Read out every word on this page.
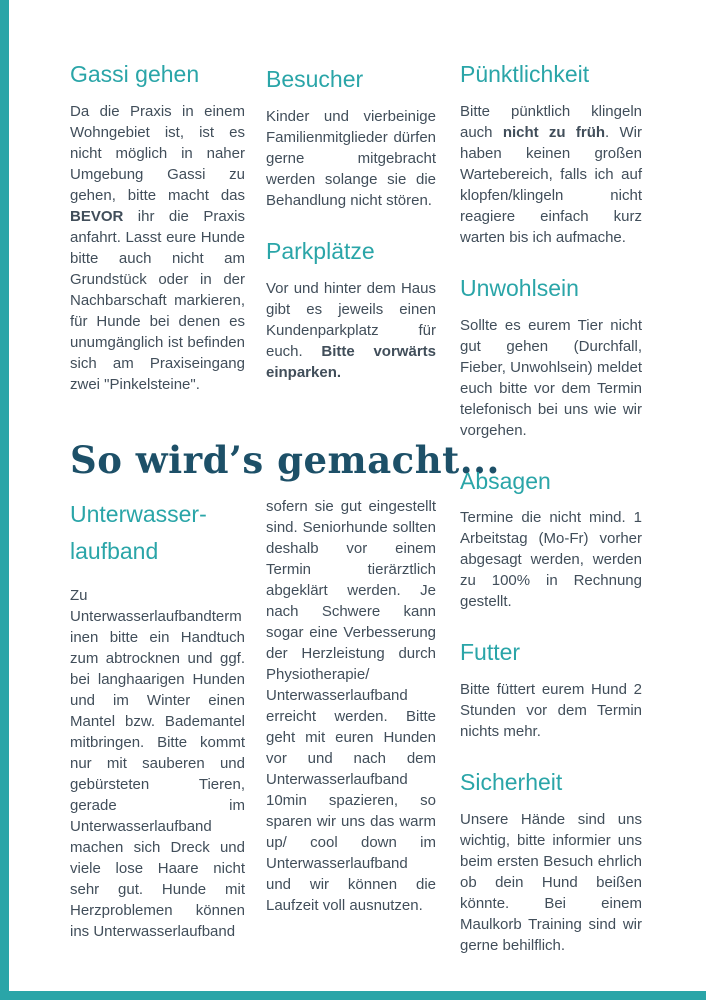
Gassi gehen

Da die Praxis in einem Wohngebiet ist, ist es nicht möglich in naher Umgebung Gassi zu gehen, bitte macht das BEVOR ihr die Praxis anfahrt. Lasst eure Hunde bitte auch nicht am Grundstück oder in der Nachbarschaft markieren, für Hunde bei denen es unumgänglich ist befinden sich am Praxiseingang zwei "Pinkelsteine".

Besucher

Kinder und vierbeinige Familienmitglieder dürfen gerne mitgebracht werden solange sie die Behandlung nicht stören.

Parkplätze

Vor und hinter dem Haus gibt es jeweils einen Kundenparkplatz für euch. Bitte vorwärts einparken.

So wird’s gemacht...
Unterwasser-
laufband

Zu Unterwasserlaufbandterminen bitte ein Handtuch zum abtrocknen und ggf. bei langhaarigen Hunden und im Winter einen Mantel bzw. Bademantel mitbringen. Bitte kommt nur mit sauberen und gebürsteten Tieren, gerade im Unterwasserlaufband machen sich Dreck und viele lose Haare nicht sehr gut. Hunde mit Herzproblemen können ins Unterwasserlaufband

sofern sie gut eingestellt sind. Seniorhunde sollten deshalb vor einem Termin tierärztlich abgeklärt werden. Je nach Schwere kann sogar eine Verbesserung der Herzleistung durch Physiotherapie/ Unterwasserlaufband erreicht werden. Bitte geht mit euren Hunden vor und nach dem Unterwasserlaufband 10min spazieren, so sparen wir uns das warm up/ cool down im Unterwasserlaufband und wir können die Laufzeit voll ausnutzen.

Pünktlichkeit

Bitte pünktlich klingeln auch nicht zu früh. Wir haben keinen großen Wartebereich, falls ich auf klopfen/klingeln nicht reagiere einfach kurz warten bis ich aufmache.

Unwohlsein

Sollte es eurem Tier nicht gut gehen (Durchfall, Fieber, Unwohlsein) meldet euch bitte vor dem Termin telefonisch bei uns wie wir vorgehen.

Absagen

Termine die nicht mind. 1 Arbeitstag (Mo-Fr) vorher abgesagt werden, werden zu 100% in Rechnung gestellt.

Futter

Bitte füttert eurem Hund 2 Stunden vor dem Termin nichts mehr.

Sicherheit

Unsere Hände sind uns wichtig, bitte informier uns beim ersten Besuch ehrlich ob dein Hund beißen könnte. Bei einem Maulkorb Training sind wir gerne behilflich.
